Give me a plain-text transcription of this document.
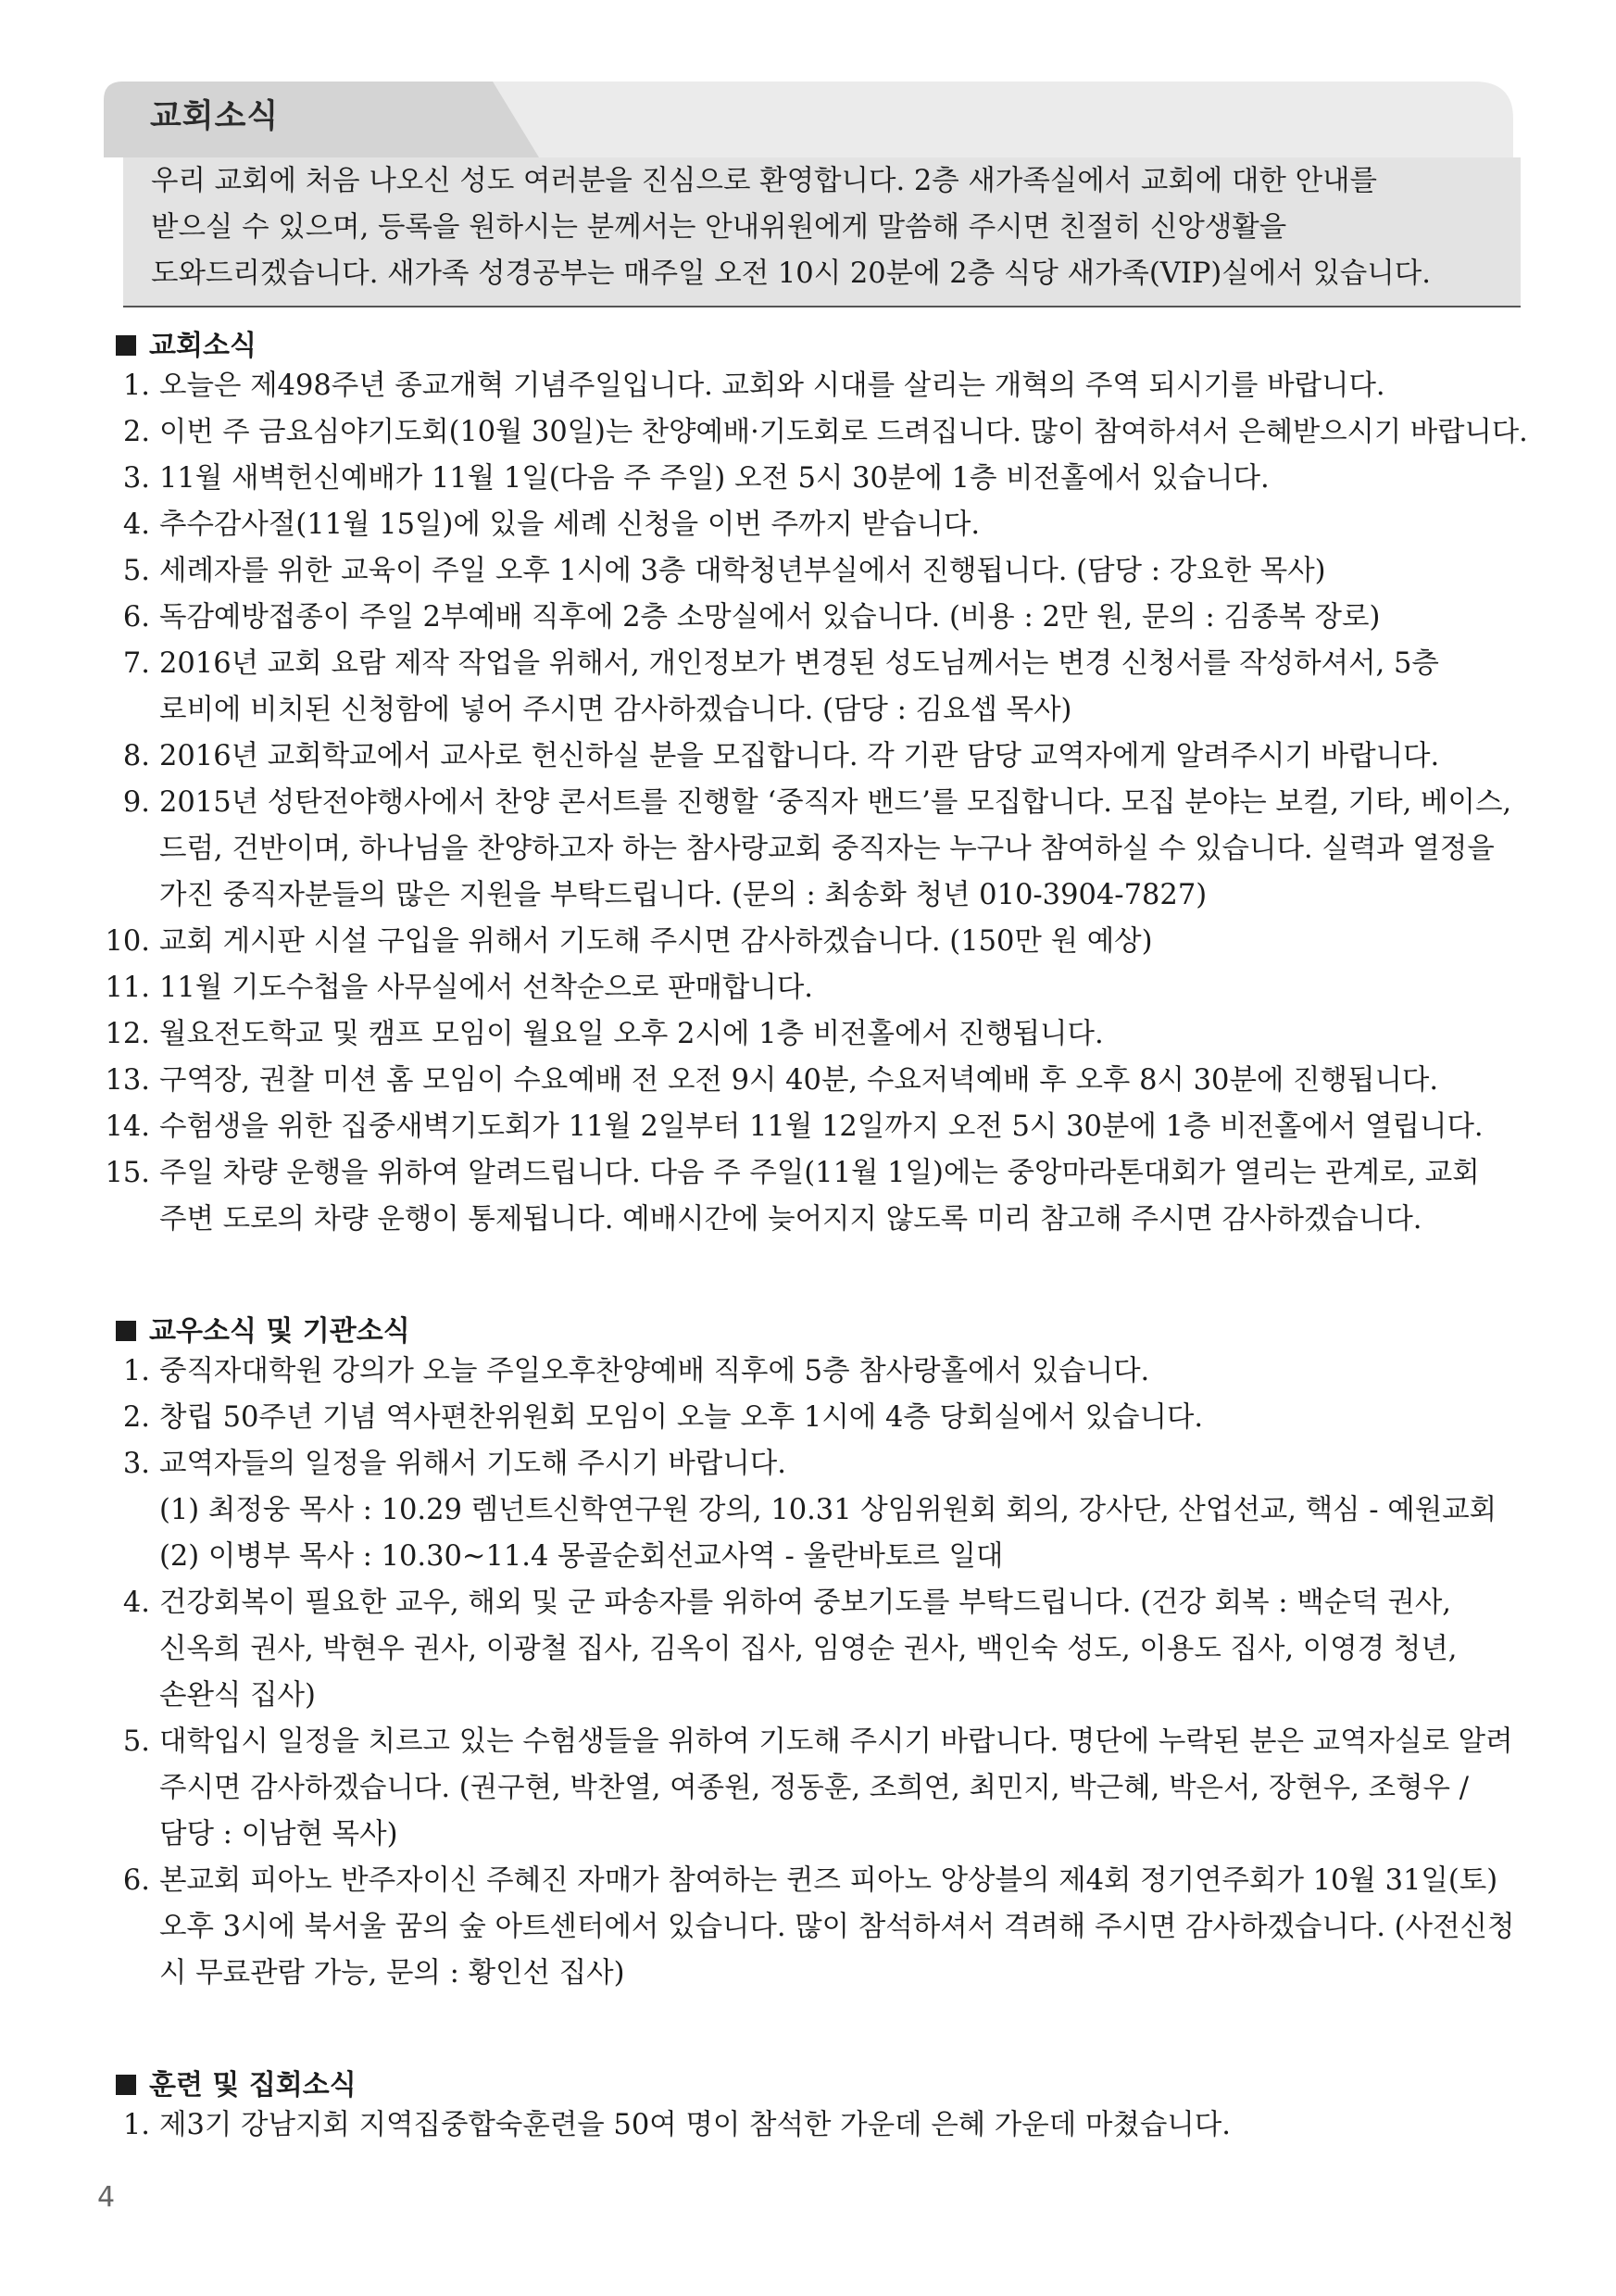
교회소식
우리 교회에 처음 나오신 성도 여러분을 진심으로 환영합니다. 2층 새가족실에서 교회에 대한 안내를
받으실 수 있으며, 등록을 원하시는 분께서는 안내위원에게 말씀해 주시면 친절히 신앙생활을
도와드리겠습니다. 새가족 성경공부는 매주일 오전 10시 20분에 2층 식당 새가족(VIP)실에서 있습니다.
교회소식
1. 오늘은 제498주년 종교개혁 기념주일입니다. 교회와 시대를 살리는 개혁의 주역 되시기를 바랍니다.
2. 이번 주 금요심야기도회(10월 30일)는 찬양예배·기도회로 드려집니다. 많이 참여하셔서 은혜받으시기 바랍니다.
3. 11월 새벽헌신예배가 11월 1일(다음 주 주일) 오전 5시 30분에 1층 비전홀에서 있습니다.
4. 추수감사절(11월 15일)에 있을 세례 신청을 이번 주까지 받습니다.
5. 세례자를 위한 교육이 주일 오후 1시에 3층 대학청년부실에서 진행됩니다. (담당 : 강요한 목사)
6. 독감예방접종이 주일 2부예배 직후에 2층 소망실에서 있습니다. (비용 : 2만 원, 문의 : 김종복 장로)
7. 2016년 교회 요람 제작 작업을 위해서, 개인정보가 변경된 성도님께서는 변경 신청서를 작성하셔서, 5층
로비에 비치된 신청함에 넣어 주시면 감사하겠습니다. (담당 : 김요셉 목사)
8. 2016년 교회학교에서 교사로 헌신하실 분을 모집합니다. 각 기관 담당 교역자에게 알려주시기 바랍니다.
9. 2015년 성탄전야행사에서 찬양 콘서트를 진행할 ‘중직자 밴드’를 모집합니다. 모집 분야는 보컬, 기타, 베이스,
드럼, 건반이며, 하나님을 찬양하고자 하는 참사랑교회 중직자는 누구나 참여하실 수 있습니다. 실력과 열정을
가진 중직자분들의 많은 지원을 부탁드립니다. (문의 : 최송화 청년 010-3904-7827)
10. 교회 게시판 시설 구입을 위해서 기도해 주시면 감사하겠습니다. (150만 원 예상)
11. 11월 기도수첩을 사무실에서 선착순으로 판매합니다.
12. 월요전도학교 및 캠프 모임이 월요일 오후 2시에 1층 비전홀에서 진행됩니다.
13. 구역장, 권찰 미션 홈 모임이 수요예배 전 오전 9시 40분, 수요저녁예배 후 오후 8시 30분에 진행됩니다.
14. 수험생을 위한 집중새벽기도회가 11월 2일부터 11월 12일까지 오전 5시 30분에 1층 비전홀에서 열립니다.
15. 주일 차량 운행을 위하여 알려드립니다. 다음 주 주일(11월 1일)에는 중앙마라톤대회가 열리는 관계로, 교회
주변 도로의 차량 운행이 통제됩니다. 예배시간에 늦어지지 않도록 미리 참고해 주시면 감사하겠습니다.
교우소식 및 기관소식
1. 중직자대학원 강의가 오늘 주일오후찬양예배 직후에 5층 참사랑홀에서 있습니다.
2. 창립 50주년 기념 역사편찬위원회 모임이 오늘 오후 1시에 4층 당회실에서 있습니다.
3. 교역자들의 일정을 위해서 기도해 주시기 바랍니다.
(1) 최정웅 목사 : 10.29 렘넌트신학연구원 강의, 10.31 상임위원회 회의, 강사단, 산업선교, 핵심 - 예원교회
(2) 이병부 목사 : 10.30~11.4 몽골순회선교사역 - 울란바토르 일대
4. 건강회복이 필요한 교우, 해외 및 군 파송자를 위하여 중보기도를 부탁드립니다. (건강 회복 : 백순덕 권사,
신옥희 권사, 박현우 권사, 이광철 집사, 김옥이 집사, 임영순 권사, 백인숙 성도, 이용도 집사, 이영경 청년,
손완식 집사)
5. 대학입시 일정을 치르고 있는 수험생들을 위하여 기도해 주시기 바랍니다. 명단에 누락된 분은 교역자실로 알려
주시면 감사하겠습니다. (권구현, 박찬열, 여종원, 정동훈, 조희연, 최민지, 박근혜, 박은서, 장현우, 조형우 /
담당 : 이남현 목사)
6. 본교회 피아노 반주자이신 주혜진 자매가 참여하는 퀸즈 피아노 앙상블의 제4회 정기연주회가 10월 31일(토)
오후 3시에 북서울 꿈의 숲 아트센터에서 있습니다. 많이 참석하셔서 격려해 주시면 감사하겠습니다. (사전신청
시 무료관람 가능, 문의 : 황인선 집사)
훈련 및 집회소식
1. 제3기 강남지회 지역집중합숙훈련을 50여 명이 참석한 가운데 은혜 가운데 마쳤습니다.
4
